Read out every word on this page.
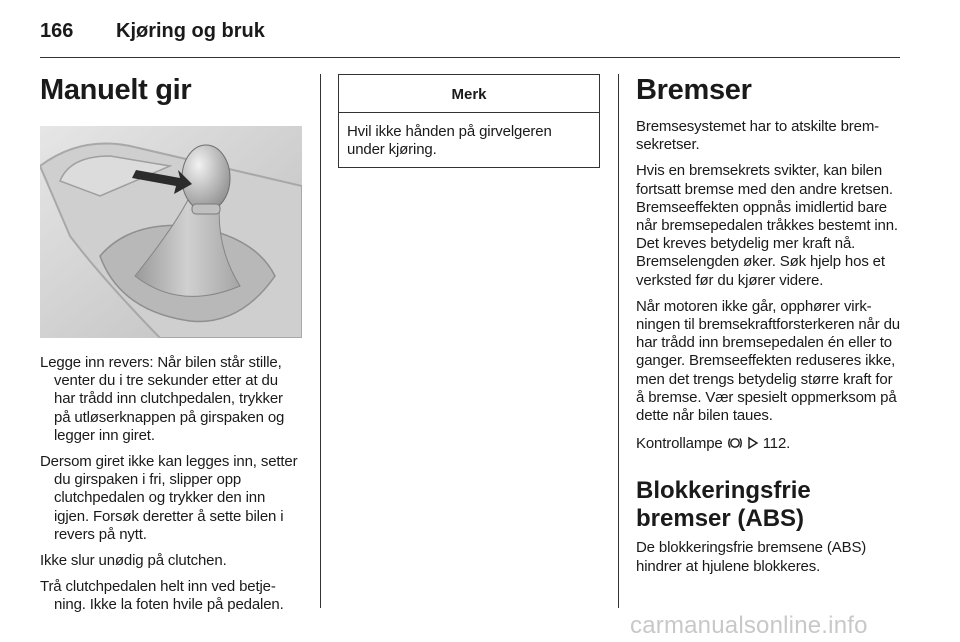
166 Kjøring og bruk
Manuelt gir

Legge inn revers: Når bilen står stille, venter du i tre sekunder etter at du har trådd inn clutchpedalen, trykker på utløserknappen på girspaken og legger inn giret.

Dersom giret ikke kan legges inn, setter du girspaken i fri, slipper opp clutchpedalen og trykker den inn igjen. Forsøk deretter å sette bilen i revers på nytt.

Ikke slur unødig på clutchen.

Trå clutchpedalen helt inn ved betjening. Ikke la foten hvile på pedalen.

Merk

Hvil ikke hånden på girvelgeren under kjøring.

Bremser

Bremsesystemet har to atskilte bremsekretser.

Hvis en bremsekrets svikter, kan bilen fortsatt bremse med den andre kretsen. Bremseeffekten oppnås imidlertid bare når bremsepedalen tråkkes bestemt inn. Det kreves betydelig mer kraft nå. Bremselengden øker. Søk hjelp hos et verksted før du kjører videre.

Når motoren ikke går, opphører virkningen til bremsekraftforsterkeren når du har trådd inn bremsepedalen én eller to ganger. Bremseeffekten reduseres ikke, men det trengs betydelig større kraft for å bremse. Vær spesielt oppmerksom på dette når bilen taues.

Kontrollampe	112.

Blokkeringsfrie bremser (ABS)

De blokkeringsfrie bremsene (ABS) hindrer at hjulene blokkeres.

carmanualsonline.info
